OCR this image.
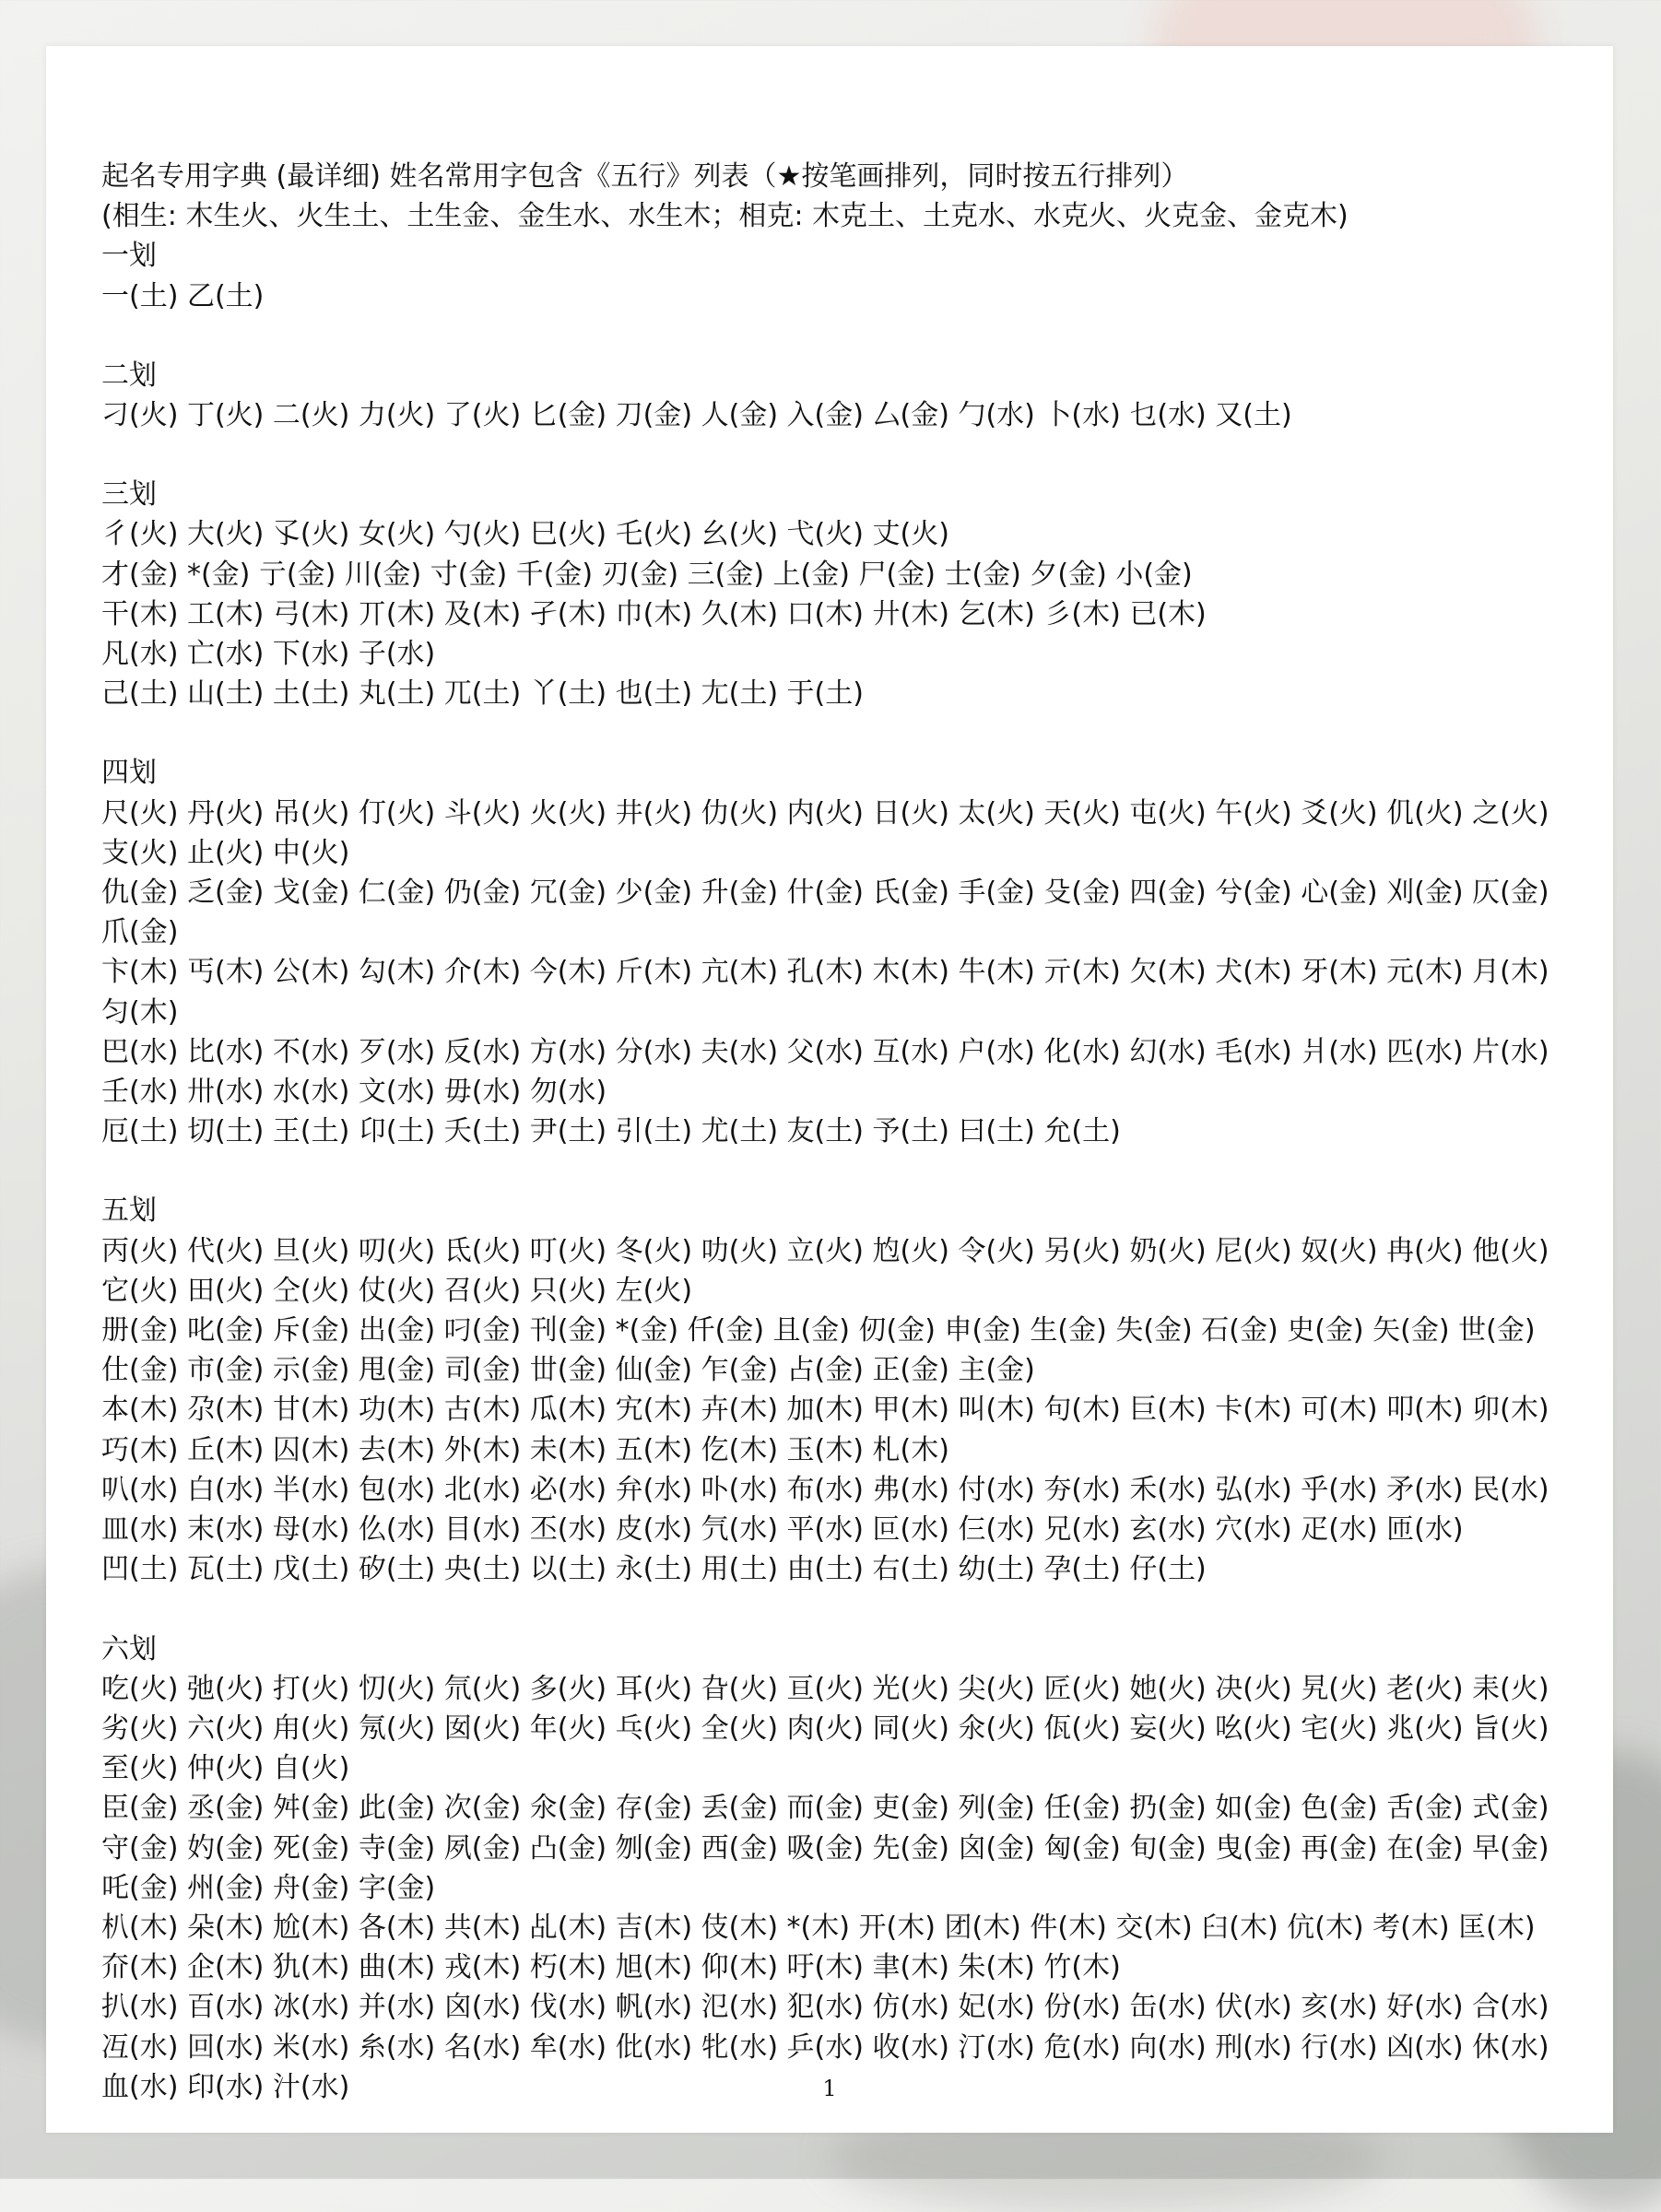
起名专用字典 (最详细) 姓名常用字包含《五行》列表（★按笔画排列，同时按五行排列）

(相生: 木生火、火生土、土生金、金生水、水生木；相克: 木克土、土克水、水克火、火克金、金克木)

一划

一(土) 乙(土)

二划

刁(火) 丁(火) 二(火) 力(火) 了(火) 匕(金) 刀(金) 人(金) 入(金) 厶(金) 勹(水) 卜(水) 乜(水) 又(土)

三划

彳(火) 大(火) 孓(火) 女(火) 勺(火) 巳(火) 乇(火) 幺(火) 弋(火) 丈(火)

才(金) *(金) 亍(金) 川(金) 寸(金) 千(金) 刃(金) 三(金) 上(金) 尸(金) 士(金) 夕(金) 小(金)

干(木) 工(木) 弓(木) 丌(木) 及(木) 孑(木) 巾(木) 久(木) 口(木) 廾(木) 乞(木) 彡(木) 已(木)

凡(水) 亡(水) 下(水) 子(水)

己(土) 山(土) 土(土) 丸(土) 兀(土) 丫(土) 也(土) 尢(土) 于(土)

四划

尺(火) 丹(火) 吊(火) 仃(火) 斗(火) 火(火) 井(火) 仂(火) 内(火) 日(火) 太(火) 天(火) 屯(火) 午(火) 爻(火) 仉(火) 之(火) 支(火) 止(火) 中(火)

仇(金) 乏(金) 戈(金) 仁(金) 仍(金) 冗(金) 少(金) 升(金) 什(金) 氏(金) 手(金) 殳(金) 四(金) 兮(金) 心(金) 刈(金) 仄(金) 爪(金)

卞(木) 丐(木) 公(木) 勾(木) 介(木) 今(木) 斤(木) 亢(木) 孔(木) 木(木) 牛(木) 亓(木) 欠(木) 犬(木) 牙(木) 元(木) 月(木) 匀(木)

巴(水) 比(水) 不(水) 歹(水) 反(水) 方(水) 分(水) 夫(水) 父(水) 互(水) 户(水) 化(水) 幻(水) 毛(水) 爿(水) 匹(水) 片(水) 壬(水) 卅(水) 水(水) 文(水) 毋(水) 勿(水)

厄(土) 切(土) 王(土) 卬(土) 夭(土) 尹(土) 引(土) 尤(土) 友(土) 予(土) 曰(土) 允(土)

五划

丙(火) 代(火) 旦(火) 叨(火) 氐(火) 叮(火) 冬(火) 叻(火) 立(火) 尥(火) 令(火) 另(火) 奶(火) 尼(火) 奴(火) 冉(火) 他(火) 它(火) 田(火) 仝(火) 仗(火) 召(火) 只(火) 左(火)

册(金) 叱(金) 斥(金) 出(金) 叼(金) 刊(金) *(金) 仟(金) 且(金) 仞(金) 申(金) 生(金) 失(金) 石(金) 史(金) 矢(金) 世(金) 仕(金) 市(金) 示(金) 甩(金) 司(金) 丗(金) 仙(金) 乍(金) 占(金) 正(金) 主(金)

本(木) 尕(木) 甘(木) 功(木) 古(木) 瓜(木) 宄(木) 卉(木) 加(木) 甲(木) 叫(木) 句(木) 巨(木) 卡(木) 可(木) 叩(木) 卯(木) 巧(木) 丘(木) 囚(木) 去(木) 外(木) 未(木) 五(木) 仡(木) 玉(木) 札(木)

叭(水) 白(水) 半(水) 包(水) 北(水) 必(水) 弁(水) 卟(水) 布(水) 弗(水) 付(水) 夯(水) 禾(水) 弘(水) 乎(水) 矛(水) 民(水) 皿(水) 末(水) 母(水) 仫(水) 目(水) 丕(水) 皮(水) 氕(水) 平(水) 叵(水) 仨(水) 兄(水) 玄(水) 穴(水) 疋(水) 匝(水)

凹(土) 瓦(土) 戊(土) 矽(土) 央(土) 以(土) 永(土) 用(土) 由(土) 右(土) 幼(土) 孕(土) 仔(土)

六划

吃(火) 弛(火) 打(火) 忉(火) 氘(火) 多(火) 耳(火) 旮(火) 亘(火) 光(火) 尖(火) 匠(火) 她(火) 决(火) 旯(火) 老(火) 耒(火) 劣(火) 六(火) 甪(火) 氖(火) 囡(火) 年(火) 乓(火) 全(火) 肉(火) 同(火) 氽(火) 佤(火) 妄(火) 吆(火) 宅(火) 兆(火) 旨(火) 至(火) 仲(火) 自(火)

臣(金) 丞(金) 舛(金) 此(金) 次(金) 氽(金) 存(金) 丢(金) 而(金) 吏(金) 列(金) 任(金) 扔(金) 如(金) 色(金) 舌(金) 式(金) 守(金) 妁(金) 死(金) 寺(金) 夙(金) 凸(金) 刎(金) 西(金) 吸(金) 先(金) 囟(金) 匈(金) 旬(金) 曳(金) 再(金) 在(金) 早(金) 吒(金) 州(金) 舟(金) 字(金)

朳(木) 朵(木) 尬(木) 各(木) 共(木) 乩(木) 吉(木) 伎(木) *(木) 开(木) 团(木) 件(木) 交(木) 臼(木) 伉(木) 考(木) 匡(木) 夼(木) 企(木) 犰(木) 曲(木) 戎(木) 朽(木) 旭(木) 仰(木) 吁(木) 聿(木) 朱(木) 竹(木)

扒(水) 百(水) 冰(水) 并(水) 囟(水) 伐(水) 帆(水) 氾(水) 犯(水) 仿(水) 妃(水) 份(水) 缶(水) 伏(水) 亥(水) 好(水) 合(水) 冱(水) 回(水) 米(水) 糸(水) 名(水) 牟(水) 仳(水) 牝(水) 乒(水) 收(水) 汀(水) 危(水) 向(水) 刑(水) 行(水) 凶(水) 休(水) 血(水) 印(水) 汁(水)	1
